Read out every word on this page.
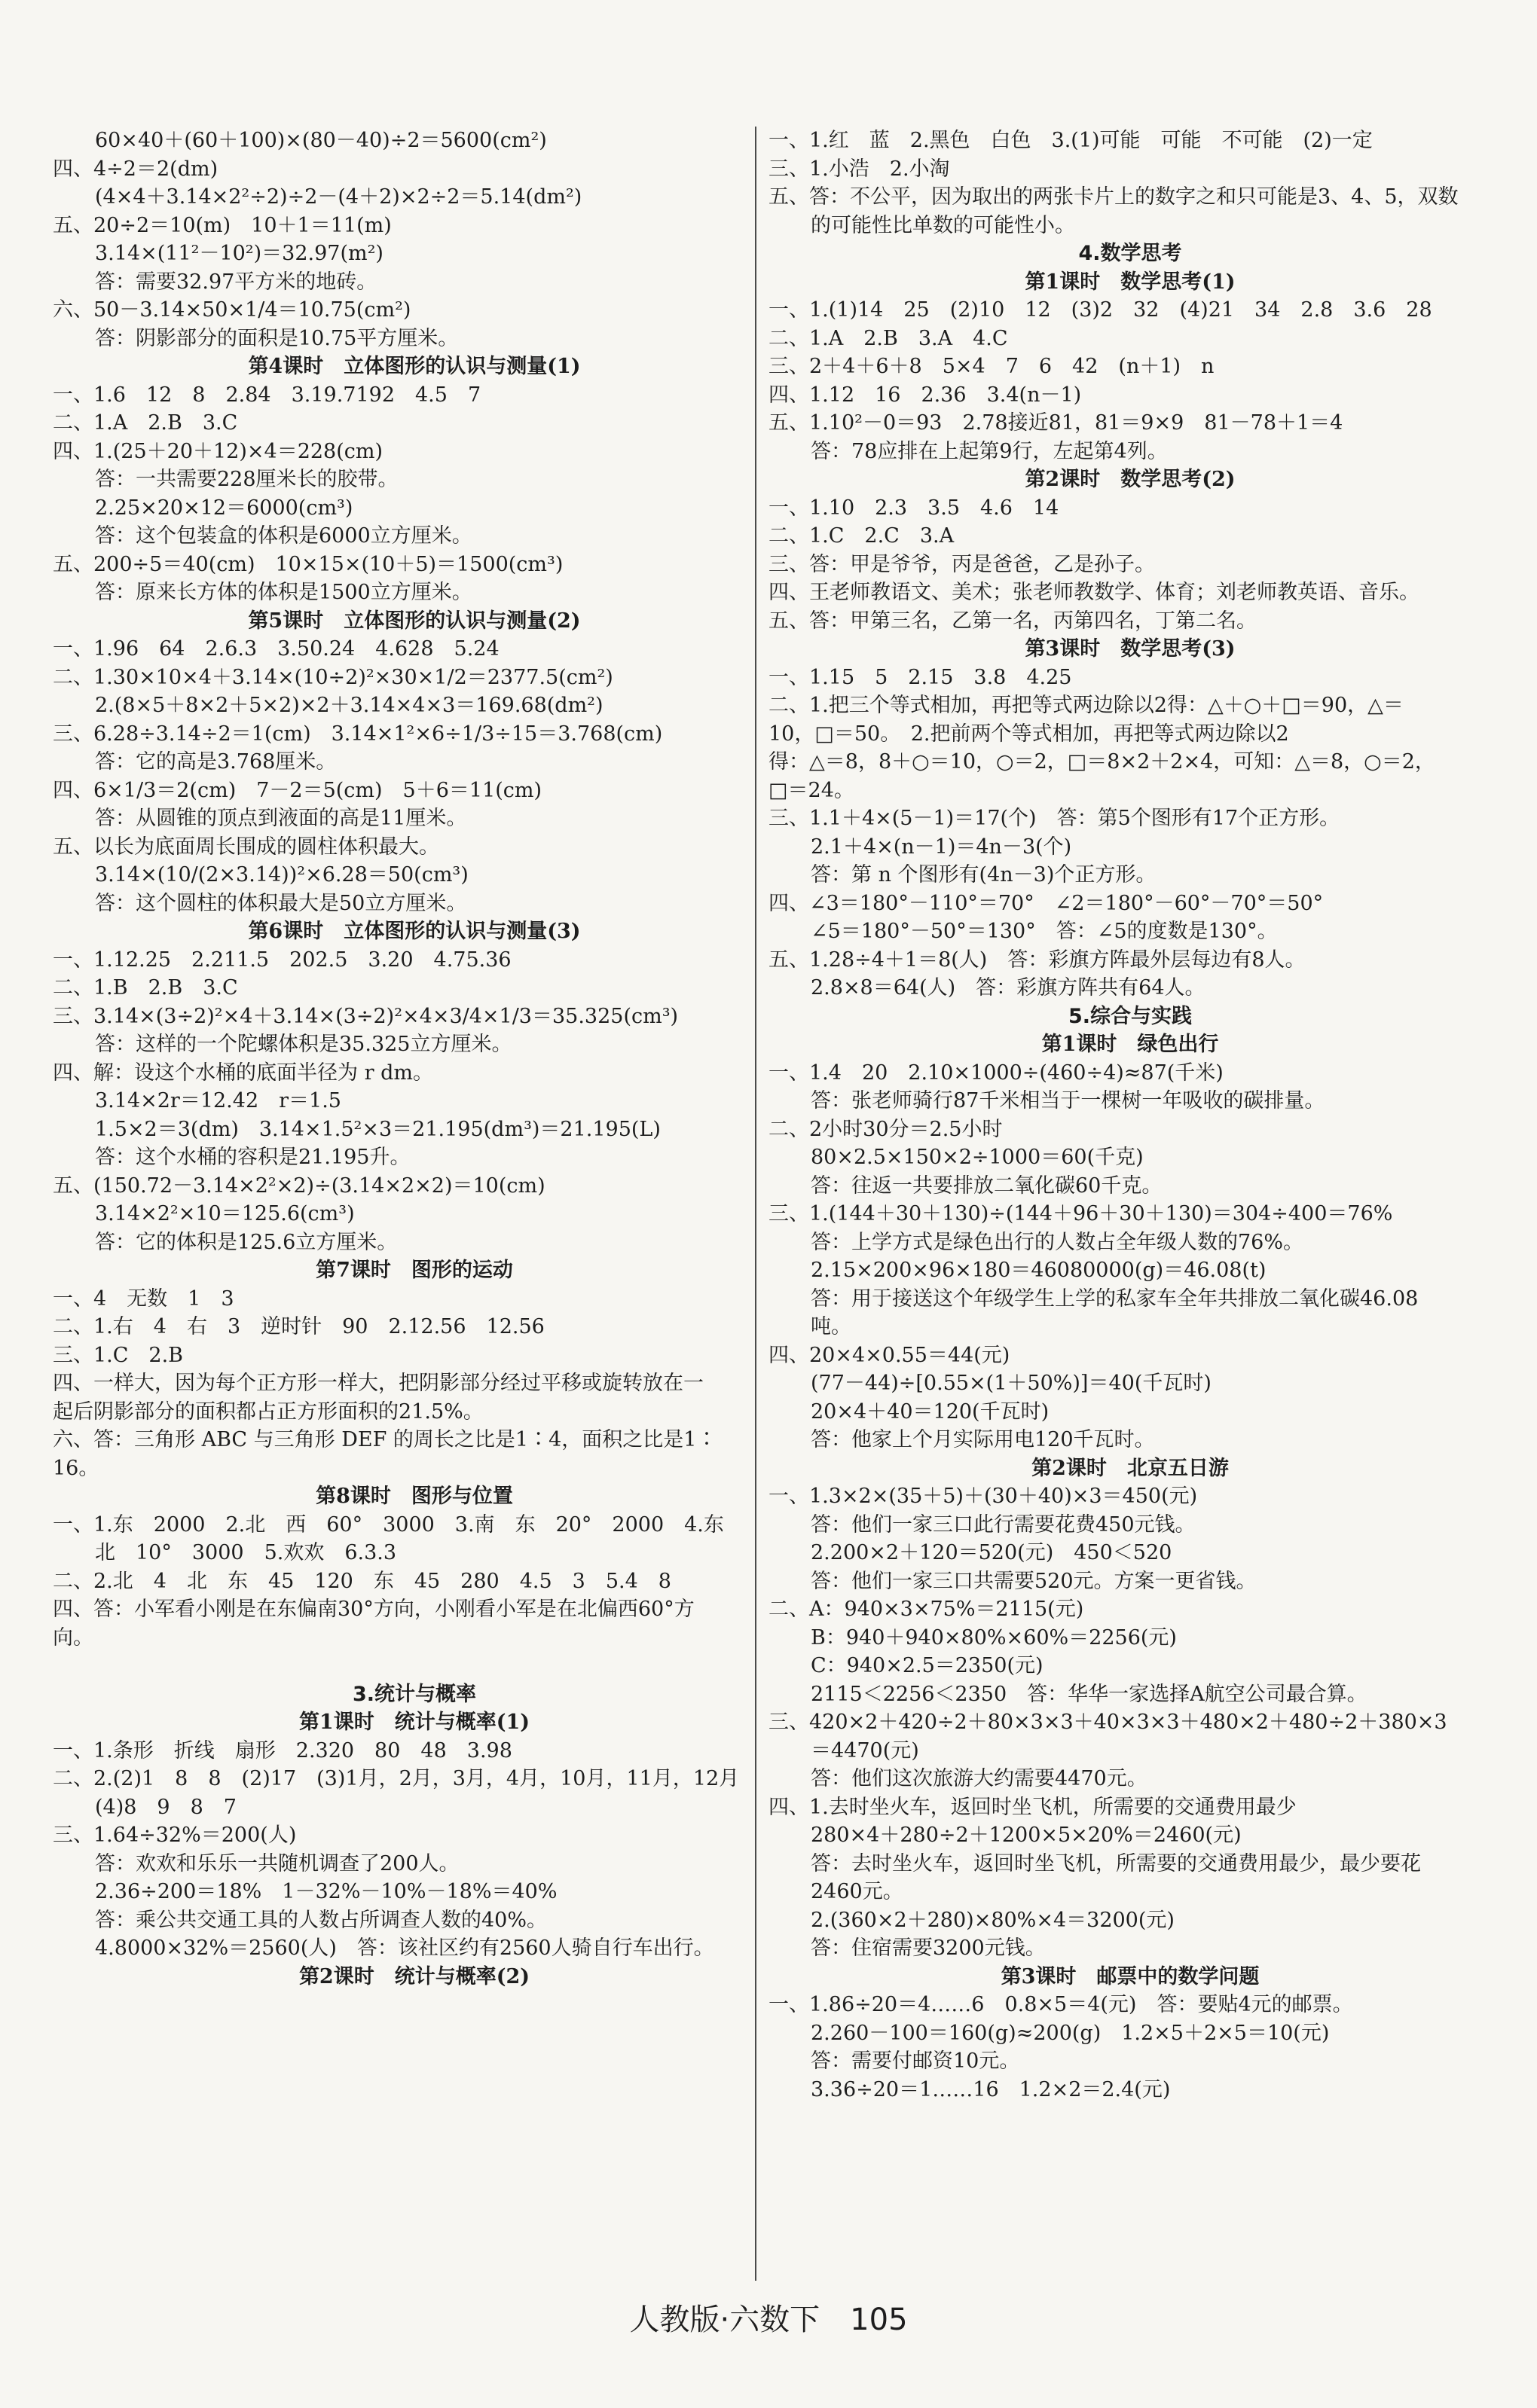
60×40＋(60＋100)×(80－40)÷2＝5600(cm²)
四、4÷2＝2(dm)
(4×4＋3.14×2²÷2)÷2－(4＋2)×2÷2＝5.14(dm²)
五、20÷2＝10(m)　10＋1＝11(m)
3.14×(11²－10²)＝32.97(m²)
答：需要32.97平方米的地砖。
六、50－3.14×50×1/4＝10.75(cm²)
答：阴影部分的面积是10.75平方厘米。
第4课时　立体图形的认识与测量(1)
一、1.6　12　8　2.84　3.19.7192　4.5　7
二、1.A　2.B　3.C
四、1.(25＋20＋12)×4＝228(cm)
答：一共需要228厘米长的胶带。
2.25×20×12＝6000(cm³)
答：这个包装盒的体积是6000立方厘米。
五、200÷5＝40(cm)　10×15×(10＋5)＝1500(cm³)
答：原来长方体的体积是1500立方厘米。
第5课时　立体图形的认识与测量(2)
一、1.96　64　2.6.3　3.50.24　4.628　5.24
二、1.30×10×4＋3.14×(10÷2)²×30×1/2＝2377.5(cm²)
2.(8×5＋8×2＋5×2)×2＋3.14×4×3＝169.68(dm²)
三、6.28÷3.14÷2＝1(cm)　3.14×1²×6÷1/3÷15＝3.768(cm)
答：它的高是3.768厘米。
四、6×1/3＝2(cm)　7－2＝5(cm)　5＋6＝11(cm)
答：从圆锥的顶点到液面的高是11厘米。
五、以长为底面周长围成的圆柱体积最大。
3.14×(10/(2×3.14))²×6.28＝50(cm³)
答：这个圆柱的体积最大是50立方厘米。
第6课时　立体图形的认识与测量(3)
一、1.12.25　2.211.5　202.5　3.20　4.75.36
二、1.B　2.B　3.C
三、3.14×(3÷2)²×4＋3.14×(3÷2)²×4×3/4×1/3＝35.325(cm³)
答：这样的一个陀螺体积是35.325立方厘米。
四、解：设这个水桶的底面半径为 r dm。
3.14×2r＝12.42　r＝1.5
1.5×2＝3(dm)　3.14×1.5²×3＝21.195(dm³)＝21.195(L)
答：这个水桶的容积是21.195升。
五、(150.72－3.14×2²×2)÷(3.14×2×2)＝10(cm)
3.14×2²×10＝125.6(cm³)
答：它的体积是125.6立方厘米。
第7课时　图形的运动
一、4　无数　1　3
二、1.右　4　右　3　逆时针　90　2.12.56　12.56
三、1.C　2.B
四、一样大，因为每个正方形一样大，把阴影部分经过平移或旋转放在一
起后阴影部分的面积都占正方形面积的21.5%。
六、答：三角形 ABC 与三角形 DEF 的周长之比是1∶4，面积之比是1∶
16。
第8课时　图形与位置
一、1.东　2000　2.北　西　60°　3000　3.南　东　20°　2000　4.东
北　10°　3000　5.欢欢　6.3.3
二、2.北　4　北　东　45　120　东　45　280　4.5　3　5.4　8
四、答：小军看小刚是在东偏南30°方向，小刚看小军是在北偏西60°方
向。

3.统计与概率
第1课时　统计与概率(1)
一、1.条形　折线　扇形　2.320　80　48　3.98
二、2.(2)1　8　8　(2)17　(3)1月，2月，3月，4月，10月，11月，12月
(4)8　9　8　7
三、1.64÷32%＝200(人)
答：欢欢和乐乐一共随机调查了200人。
2.36÷200＝18%　1－32%－10%－18%＝40%
答：乘公共交通工具的人数占所调查人数的40%。
4.8000×32%＝2560(人)　答：该社区约有2560人骑自行车出行。
第2课时　统计与概率(2)
一、1.红　蓝　2.黑色　白色　3.(1)可能　可能　不可能　(2)一定
三、1.小浩　2.小淘
五、答：不公平，因为取出的两张卡片上的数字之和只可能是3、4、5，双数
的可能性比单数的可能性小。
4.数学思考
第1课时　数学思考(1)
一、1.(1)14　25　(2)10　12　(3)2　32　(4)21　34　2.8　3.6　28
二、1.A　2.B　3.A　4.C
三、2＋4＋6＋8　5×4　7　6　42　(n＋1)　n
四、1.12　16　2.36　3.4(n－1)
五、1.10²－0＝93　2.78接近81，81＝9×9　81－78＋1＝4
答：78应排在上起第9行，左起第4列。
第2课时　数学思考(2)
一、1.10　2.3　3.5　4.6　14
二、1.C　2.C　3.A
三、答：甲是爷爷，丙是爸爸，乙是孙子。
四、王老师教语文、美术；张老师教数学、体育；刘老师教英语、音乐。
五、答：甲第三名，乙第一名，丙第四名，丁第二名。
第3课时　数学思考(3)
一、1.15　5　2.15　3.8　4.25
二、1.把三个等式相加，再把等式两边除以2得：△＋○＋□＝90，△＝
10，□＝50。　2.把前两个等式相加，再把等式两边除以2
得：△＝8，8＋○＝10，○＝2，□＝8×2＋2×4，可知：△＝8，○＝2，
□＝24。
三、1.1＋4×(5－1)＝17(个)　答：第5个图形有17个正方形。
2.1＋4×(n－1)＝4n－3(个)
答：第 n 个图形有(4n－3)个正方形。
四、∠3＝180°－110°＝70°　∠2＝180°－60°－70°＝50°
∠5＝180°－50°＝130°　答：∠5的度数是130°。
五、1.28÷4＋1＝8(人)　答：彩旗方阵最外层每边有8人。
2.8×8＝64(人)　答：彩旗方阵共有64人。
5.综合与实践
第1课时　绿色出行
一、1.4　20　2.10×1000÷(460÷4)≈87(千米)
答：张老师骑行87千米相当于一棵树一年吸收的碳排量。
二、2小时30分＝2.5小时
80×2.5×150×2÷1000＝60(千克)
答：往返一共要排放二氧化碳60千克。
三、1.(144＋30＋130)÷(144＋96＋30＋130)＝304÷400＝76%
答：上学方式是绿色出行的人数占全年级人数的76%。
2.15×200×96×180＝46080000(g)＝46.08(t)
答：用于接送这个年级学生上学的私家车全年共排放二氧化碳46.08
吨。
四、20×4×0.55＝44(元)
(77－44)÷[0.55×(1＋50%)]＝40(千瓦时)
20×4＋40＝120(千瓦时)
答：他家上个月实际用电120千瓦时。
第2课时　北京五日游
一、1.3×2×(35＋5)＋(30＋40)×3＝450(元)
答：他们一家三口此行需要花费450元钱。
2.200×2＋120＝520(元)　450＜520
答：他们一家三口共需要520元。方案一更省钱。
二、A：940×3×75%＝2115(元)
B：940＋940×80%×60%＝2256(元)
C：940×2.5＝2350(元)
2115＜2256＜2350　答：华华一家选择A航空公司最合算。
三、420×2＋420÷2＋80×3×3＋40×3×3＋480×2＋480÷2＋380×3
＝4470(元)
答：他们这次旅游大约需要4470元。
四、1.去时坐火车，返回时坐飞机，所需要的交通费用最少
280×4＋280÷2＋1200×5×20%＝2460(元)
答：去时坐火车，返回时坐飞机，所需要的交通费用最少，最少要花
2460元。
2.(360×2＋280)×80%×4＝3200(元)
答：住宿需要3200元钱。
第3课时　邮票中的数学问题
一、1.86÷20＝4……6　0.8×5＝4(元)　答：要贴4元的邮票。
2.260－100＝160(g)≈200(g)　1.2×5＋2×5＝10(元)
答：需要付邮资10元。
3.36÷20＝1……16　1.2×2＝2.4(元)
人教版·六数下　105
